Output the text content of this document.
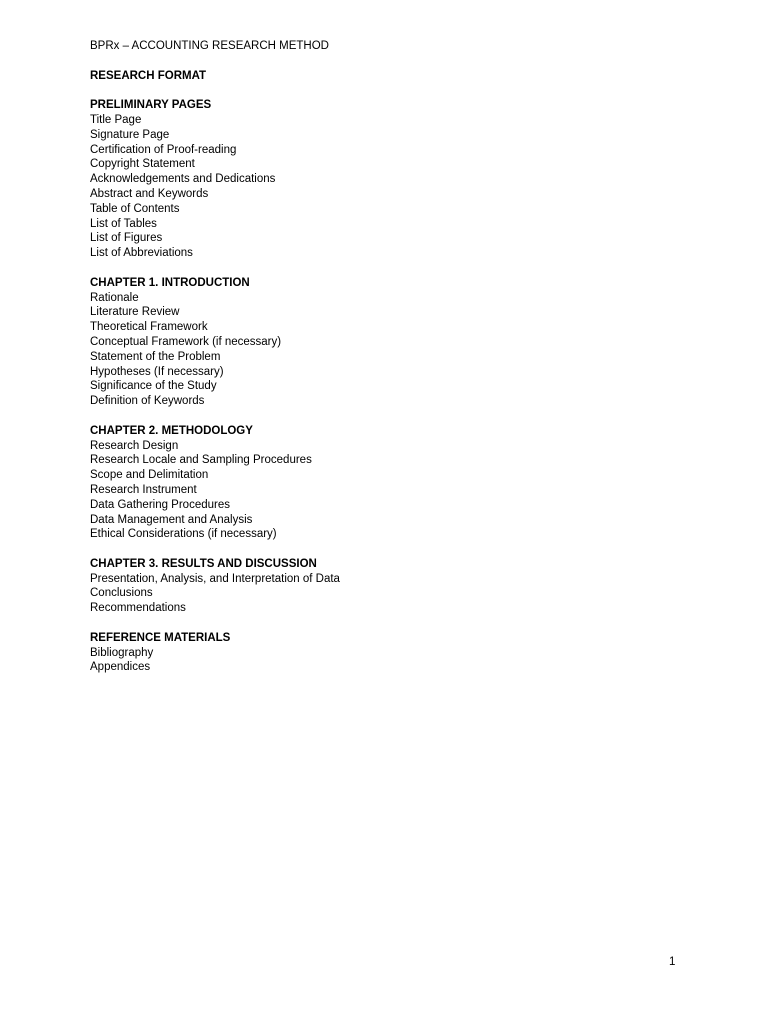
BPRx – ACCOUNTING RESEARCH METHOD
RESEARCH FORMAT
PRELIMINARY PAGES
Title Page
Signature Page
Certification of Proof-reading
Copyright Statement
Acknowledgements and Dedications
Abstract and Keywords
Table of Contents
List of Tables
List of Figures
List of Abbreviations
CHAPTER 1. INTRODUCTION
Rationale
Literature Review
Theoretical Framework
Conceptual Framework (if necessary)
Statement of the Problem
Hypotheses (If necessary)
Significance of the Study
Definition of Keywords
CHAPTER 2. METHODOLOGY
Research Design
Research Locale and Sampling Procedures
Scope and Delimitation
Research Instrument
Data Gathering Procedures
Data Management and Analysis
Ethical Considerations (if necessary)
CHAPTER 3. RESULTS AND DISCUSSION
Presentation, Analysis, and Interpretation of Data
Conclusions
Recommendations
REFERENCE MATERIALS
Bibliography
Appendices
1
